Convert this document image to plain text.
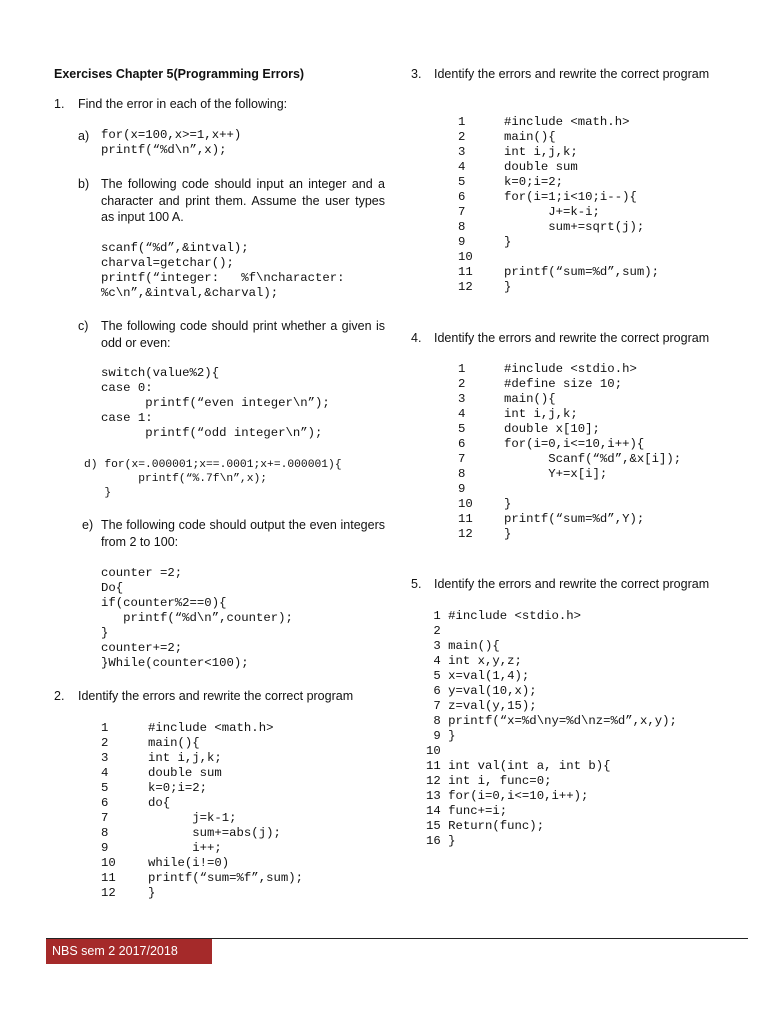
Exercises Chapter 5(Programming Errors)
1. Find the error in each of the following:
a) for(x=100,x>=1,x++)
printf(“%d\n”,x);
b) The following code should input an integer and a character and print them. Assume the user types as input 100 A.
scanf(“%d”,&intval);
charval=getchar();
printf(“integer:   %f\ncharacter:
%c\n”,&intval,&charval);
c) The following code should print whether a given is odd or even:
switch(value%2){
case 0:
printf(“even integer\n”);
case 1:
printf(“odd integer\n”);
d) for(x=.000001;x==.0001;x+=.000001){
printf(“%.7f\n”,x);
}
e) The following code should output the even integers from 2 to 100:
counter =2;
Do{
if(counter%2==0){
printf(“%d\n”,counter);
}
counter+=2;
}While(counter<100);
2. Identify the errors and rewrite the correct program
1
2
3
4
5
6
7
8
9
10
11
12
#include <math.h>
main(){
int i,j,k;
double sum
k=0;i=2;
do{
j=k-1;
sum+=abs(j);
i++;
while(i!=0)
printf(“sum=%f”,sum);
}
3. Identify the errors and rewrite the correct program
1
2
3
4
5
6
7
8
9
10
11
12
#include <math.h>
main(){
int i,j,k;
double sum
k=0;i=2;
for(i=1;i<10;i--){
J+=k-i;
sum+=sqrt(j);
}

printf(“sum=%d”,sum);
}
4. Identify the errors and rewrite the correct program
1
2
3
4
5
6
7
8
9
10
11
12
#include <stdio.h>
#define size 10;
main(){
int i,j,k;
double x[10];
for(i=0,i<=10,i++){
Scanf(“%d”,&x[i]);
Y+=x[i];

}
printf(“sum=%d”,Y);
}
5. Identify the errors and rewrite the correct program
1 #include <stdio.h>
2
3 main(){
4 int x,y,z;
5 x=val(1,4);
6 y=val(10,x);
7 z=val(y,15);
8 printf(“x=%d\ny=%d\nz=%d”,x,y);
9 }
10
11 int val(int a, int b){
12 int i, func=0;
13 for(i=0,i<=10,i++);
14 func+=i;
15 Return(func);
16 }
NBS sem 2 2017/2018
